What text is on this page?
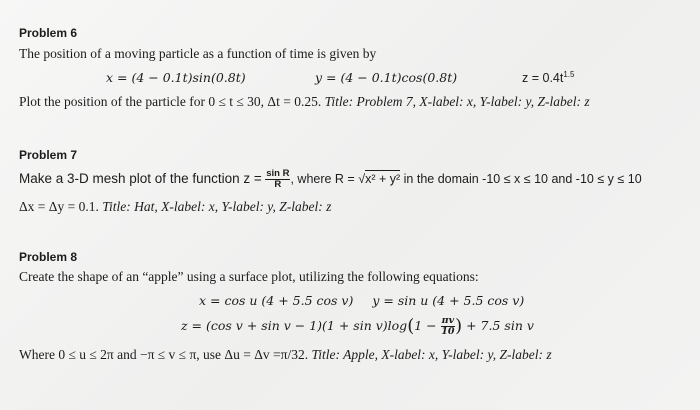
Problem 6
The position of a moving particle as a function of time is given by
x = (4 − 0.1t)sin(0.8t)	y = (4 − 0.1t)cos(0.8t)	$z = 0.4t^{1.5}$
Plot the position of the particle for 0 ≤ t ≤ 30, Δt = 0.25. Title: Problem 7, X-label: x, Y-label: y, Z-label: z
Problem 7
Make a 3-D mesh plot of the function $z = \frac{\text{sin R}}{R}$ , where R = √x² + y² in the domain -10 ≤ x ≤ 10 and -10 ≤ y ≤ 10
Δx = Δy = 0.1. Title: Hat, X-label: x, Y-label: y, Z-label: z
Problem 8
Create the shape of an “apple” using a surface plot, utilizing the following equations:
x = cos u (4 + 5.5 cos v) y = sin u (4 + 5.5 cos v)
z = (cos $v + \sin v - 1)(1 + \sin v)\log(1 - \frac{\pi v}{10}$ ) + 7.5 sin v
Where 0 ≤ u ≤ 2π and −π ≤ v ≤ π, use Δu = Δv =π/32. Title: Apple, X-label: x, Y-label: y, Z-label: z
